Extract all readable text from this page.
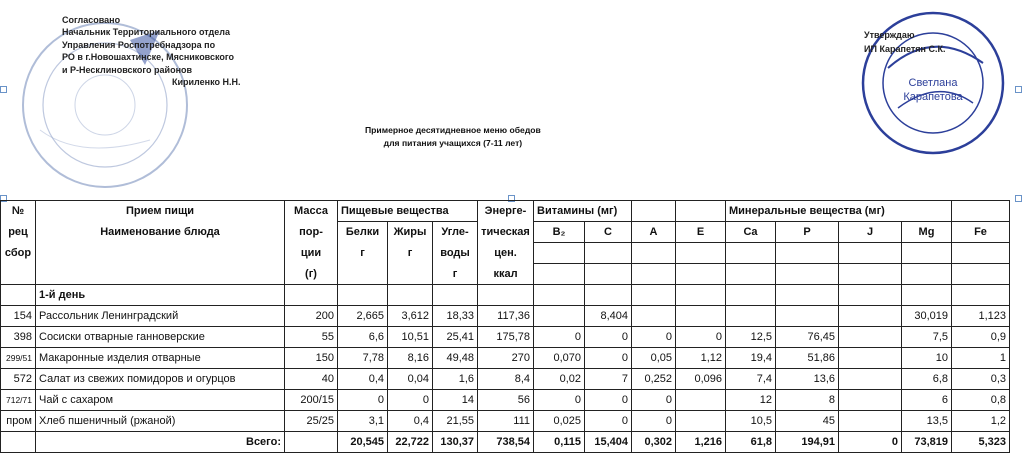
Согласовано
Начальник Территориального отдела
Управления Роспотребнадзора по
РО в г.Новошахтинске, Мясниковского
и Р-Несклиновского районов
Кириленко Н.Н.	Светлана
Карапетова
Утверждаю
ИП Карапетян С.К.
Примерное десятидневное меню обедов
для питания учащихся (7-11 лет)
№	Прием пищи	Масса	Пищевые вещества			Энерге-	Витамины (мг)				Минеральные вещества (мг)				
рец	Наименование блюда	пор-	Белки	Жиры	Угле-	тическая	B₂	C	A	E	Ca	P	J	Mg	Fe
сбор		ции	г	г	воды	цен.									
		(г)			г	ккал									
	1-й день														
154	Рассольник Ленинградский	200	2,665	3,612	18,33	117,36		8,404						30,019	1,123
398	Сосиски отварные ганноверские	55	6,6	10,51	25,41	175,78	0	0	0	0	12,5	76,45		7,5	0,9
299/51	Макаронные изделия отварные	150	7,78	8,16	49,48	270	0,070	0	0,05	1,12	19,4	51,86		10	1
572	Салат из свежих помидоров и огурцов	40	0,4	0,04	1,6	8,4	0,02	7	0,252	0,096	7,4	13,6		6,8	0,3
712/71	Чай с сахаром	200/15	0	0	14	56	0	0	0		12	8		6	0,8
пром	Хлеб пшеничный (ржаной)	25/25	3,1	0,4	21,55	111	0,025	0	0		10,5	45		13,5	1,2
	Всего:		20,545	22,722	130,37	738,54	0,115	15,404	0,302	1,216	61,8	194,91	0	73,819	5,323
